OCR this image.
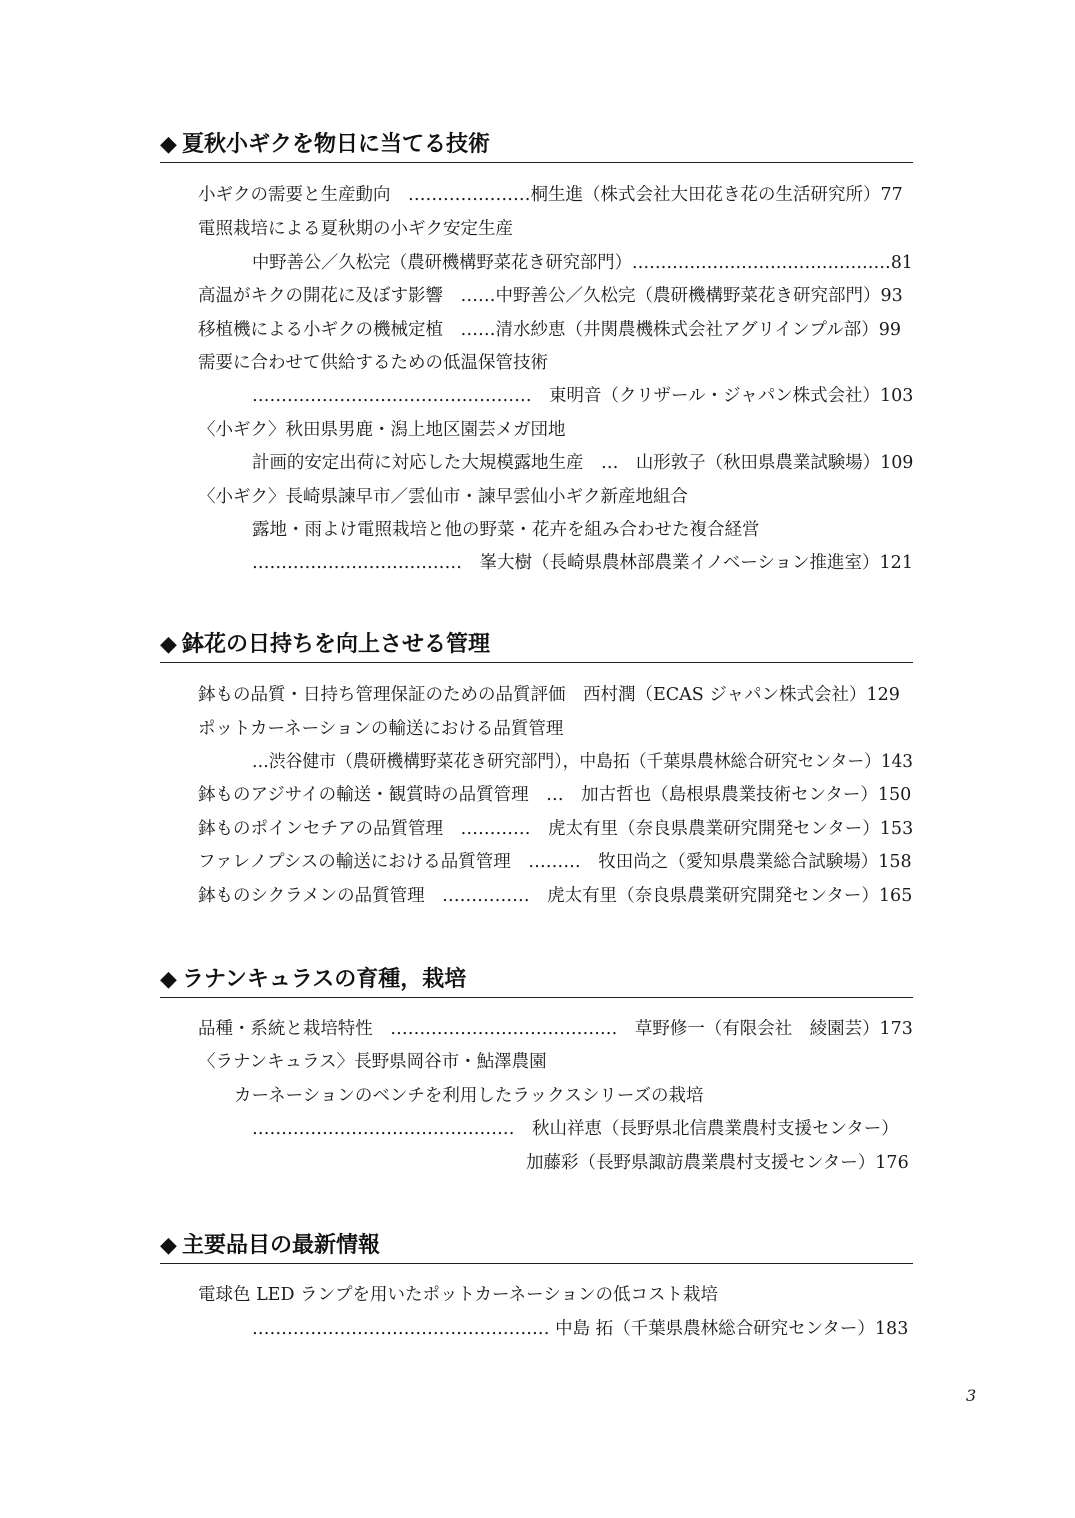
◆ 夏秋小ギクを物日に当てる技術
小ギクの需要と生産動向　…………………桐生進（株式会社大田花き花の生活研究所）77
電照栽培による夏秋期の小ギク安定生産
中野善公／久松完（農研機構野菜花き研究部門）………………………………………81
高温がキクの開花に及ぼす影響　……中野善公／久松完（農研機構野菜花き研究部門）93
移植機による小ギクの機械定植　……清水紗恵（井関農機株式会社アグリインプル部）99
需要に合わせて供給するための低温保管技術
…………………………………………　東明音（クリザール・ジャパン株式会社）103
〈小ギク〉秋田県男鹿・潟上地区園芸メガ団地
計画的安定出荷に対応した大規模露地生産　…　山形敦子（秋田県農業試験場）109
〈小ギク〉長崎県諫早市／雲仙市・諫早雲仙小ギク新産地組合
露地・雨よけ電照栽培と他の野菜・花卉を組み合わせた複合経営
………………………………　峯大樹（長崎県農林部農業イノベーション推進室）121
◆ 鉢花の日持ちを向上させる管理
鉢もの品質・日持ち管理保証のための品質評価　西村潤（ECAS ジャパン株式会社）129
ポットカーネーションの輸送における品質管理
…渋谷健市（農研機構野菜花き研究部門），中島拓（千葉県農林総合研究センター）143
鉢ものアジサイの輸送・観賞時の品質管理　…　加古哲也（島根県農業技術センター）150
鉢ものポインセチアの品質管理　…………　虎太有里（奈良県農業研究開発センター）153
ファレノプシスの輸送における品質管理　………　牧田尚之（愛知県農業総合試験場）158
鉢ものシクラメンの品質管理　……………　虎太有里（奈良県農業研究開発センター）165
◆ ラナンキュラスの育種，栽培
品種・系統と栽培特性　…………………………………　草野修一（有限会社　綾園芸）173
〈ラナンキュラス〉長野県岡谷市・鮎澤農園
カーネーションのベンチを利用したラックスシリーズの栽培
………………………………………　秋山祥恵（長野県北信農業農村支援センター）
加藤彩（長野県諏訪農業農村支援センター）176
◆ 主要品目の最新情報
電球色 LED ランプを用いたポットカーネーションの低コスト栽培
…………………………………………… 中島 拓（千葉県農林総合研究センター）183
3
